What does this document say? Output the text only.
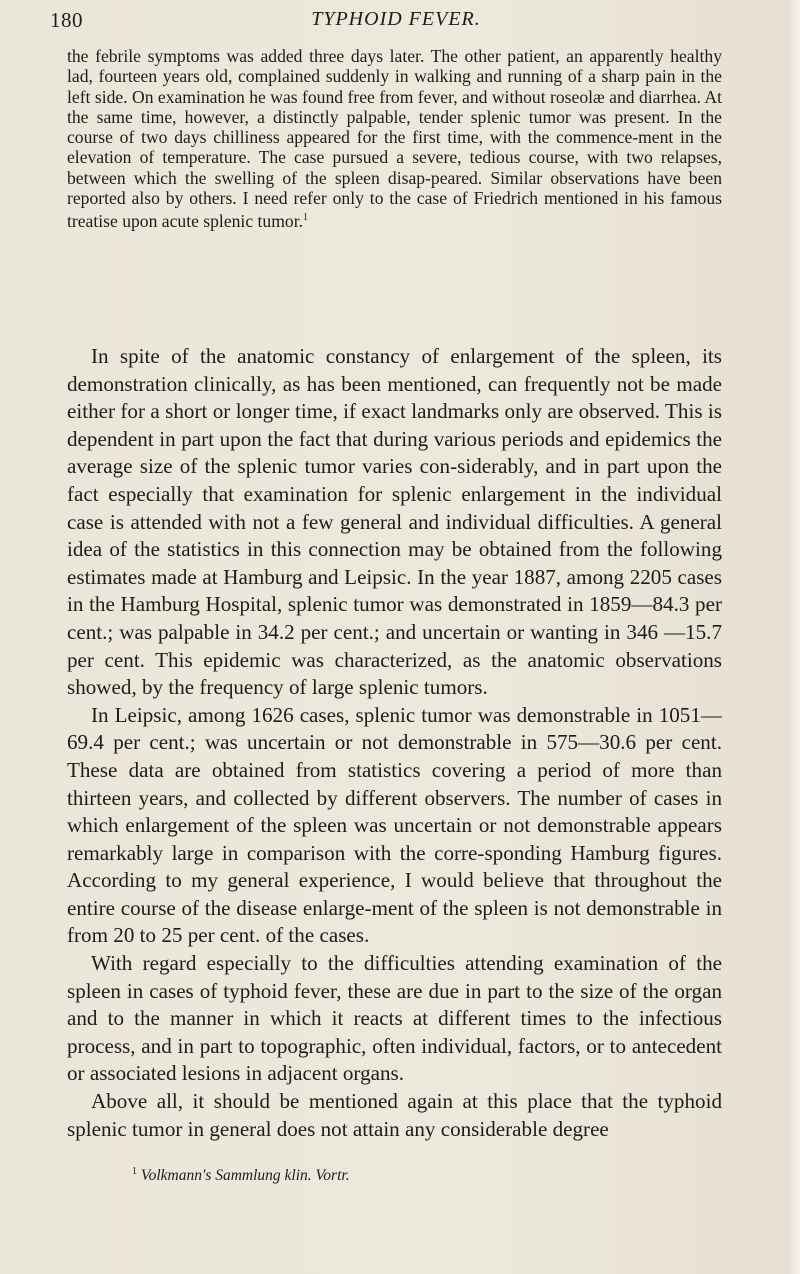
180	TYPHOID FEVER.

the febrile symptoms was added three days later. The other patient, an apparently healthy lad, fourteen years old, complained suddenly in walking and running of a sharp pain in the left side. On examination he was found free from fever, and without roseolæ and diarrhea. At the same time, however, a distinctly palpable, tender splenic tumor was present. In the course of two days chilliness appeared for the first time, with the commence-ment in the elevation of temperature. The case pursued a severe, tedious course, with two relapses, between which the swelling of the spleen disap-peared. Similar observations have been reported also by others. I need refer only to the case of Friedrich mentioned in his famous treatise upon acute splenic tumor.$^1$

In spite of the anatomic constancy of enlargement of the spleen, its demonstration clinically, as has been mentioned, can frequently not be made either for a short or longer time, if exact landmarks only are observed. This is dependent in part upon the fact that during various periods and epidemics the average size of the splenic tumor varies con-siderably, and in part upon the fact especially that examination for splenic enlargement in the individual case is attended with not a few general and individual difficulties. A general idea of the statistics in this connection may be obtained from the following estimates made at Hamburg and Leipsic. In the year 1887, among 2205 cases in the Hamburg Hospital, splenic tumor was demonstrated in 1859—84.3 per cent.; was palpable in 34.2 per cent.; and uncertain or wanting in 346 —15.7 per cent. This epidemic was characterized, as the anatomic observations showed, by the frequency of large splenic tumors.

In Leipsic, among 1626 cases, splenic tumor was demonstrable in 1051—69.4 per cent.; was uncertain or not demonstrable in 575—30.6 per cent. These data are obtained from statistics covering a period of more than thirteen years, and collected by different observers. The number of cases in which enlargement of the spleen was uncertain or not demonstrable appears remarkably large in comparison with the corre-sponding Hamburg figures. According to my general experience, I would believe that throughout the entire course of the disease enlarge-ment of the spleen is not demonstrable in from 20 to 25 per cent. of the cases.

With regard especially to the difficulties attending examination of the spleen in cases of typhoid fever, these are due in part to the size of the organ and to the manner in which it reacts at different times to the infectious process, and in part to topographic, often individual, factors, or to antecedent or associated lesions in adjacent organs.

Above all, it should be mentioned again at this place that the typhoid splenic tumor in general does not attain any considerable degree

$^1$ Volkmann's Sammlung klin. Vortr.
